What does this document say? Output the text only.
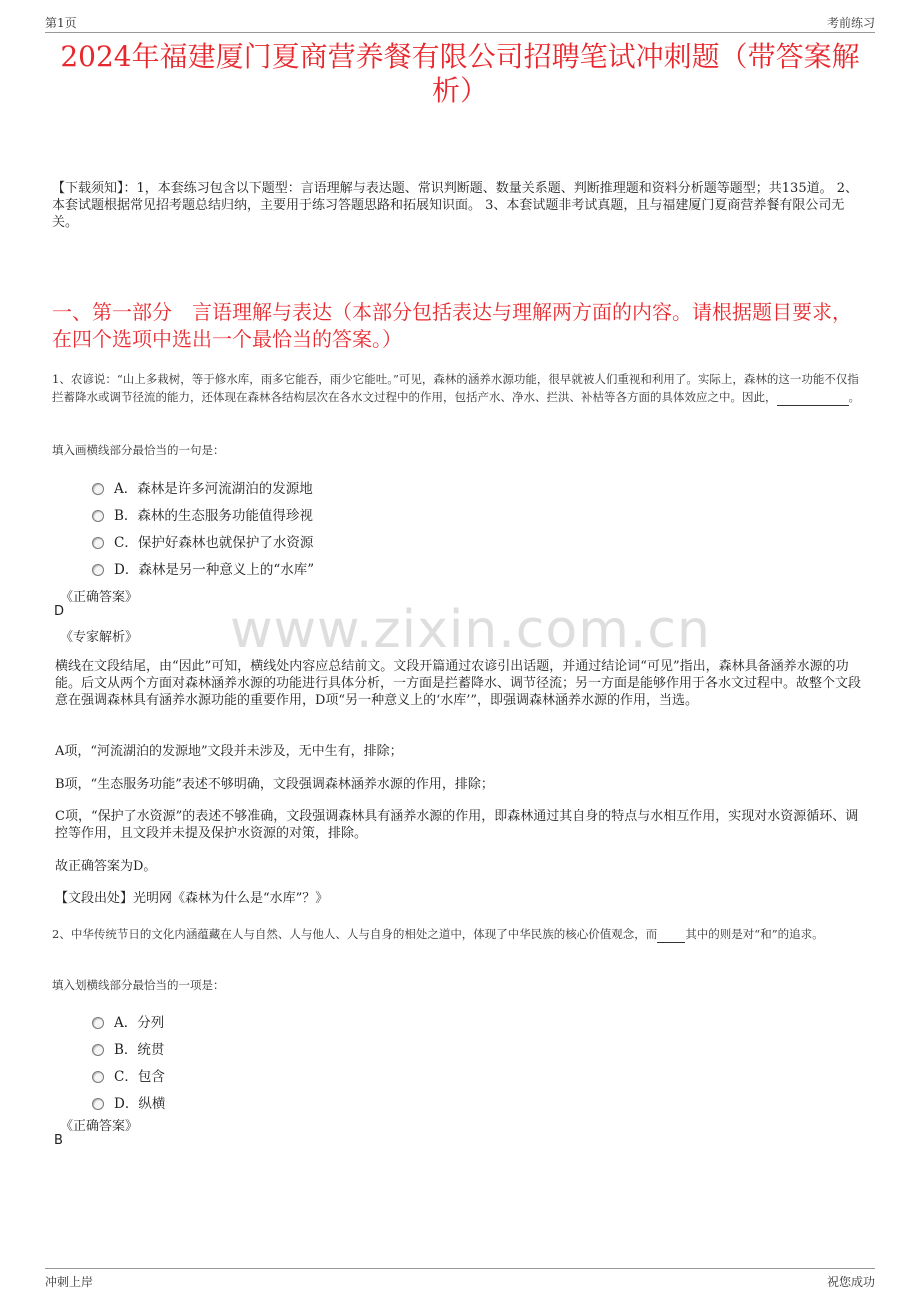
第1页	考前练习
2024年福建厦门夏商营养餐有限公司招聘笔试冲刺题（带答案解析）
【下载须知】：1，本套练习包含以下题型：言语理解与表达题、常识判断题、数量关系题、判断推理题和资料分析题等题型；共135道。 2、本套试题根据常见招考题总结归纳，主要用于练习答题思路和拓展知识面。 3、本套试题非考试真题，且与福建厦门夏商营养餐有限公司无关。
一、第一部分　言语理解与表达（本部分包括表达与理解两方面的内容。请根据题目要求，在四个选项中选出一个最恰当的答案。）
1、农谚说：“山上多栽树，等于修水库，雨多它能吞，雨少它能吐。”可见，森林的涵养水源功能，很早就被人们重视和利用了。实际上，森林的这一功能不仅指拦蓄降水或调节径流的能力，还体现在森林各结构层次在各水文过程中的作用，包括产水、净水、拦洪、补枯等各方面的具体效应之中。因此，	。
填入画横线部分最恰当的一句是：
A．森林是许多河流湖泊的发源地
B．森林的生态服务功能值得珍视
C．保护好森林也就保护了水资源
D．森林是另一种意义上的“水库”
《正确答案》
D
《专家解析》 www.zixin.com.cn
横线在文段结尾，由“因此”可知，横线处内容应总结前文。文段开篇通过农谚引出话题，并通过结论词“可见”指出，森林具备涵养水源的功能。后文从两个方面对森林涵养水源的功能进行具体分析，一方面是拦蓄降水、调节径流；另一方面是能够作用于各水文过程中。故整个文段意在强调森林具有涵养水源功能的重要作用，D项“另一种意义上的‘水库’”，即强调森林涵养水源的作用，当选。
A项，“河流湖泊的发源地”文段并未涉及，无中生有，排除；
B项，“生态服务功能”表述不够明确，文段强调森林涵养水源的作用，排除；
C项，“保护了水资源”的表述不够准确，文段强调森林具有涵养水源的作用，即森林通过其自身的特点与水相互作用，实现对水资源循环、调控等作用，且文段并未提及保护水资源的对策，排除。
故正确答案为D。
【文段出处】光明网《森林为什么是“水库”？》
2、中华传统节日的文化内涵蕴藏在人与自然、人与他人、人与自身的相处之道中，体现了中华民族的核心价值观念，而 其中的则是对“和”的追求。
填入划横线部分最恰当的一项是：
A．分列
B．统贯
C．包含
D．纵横
《正确答案》
B
冲刺上岸	祝您成功
